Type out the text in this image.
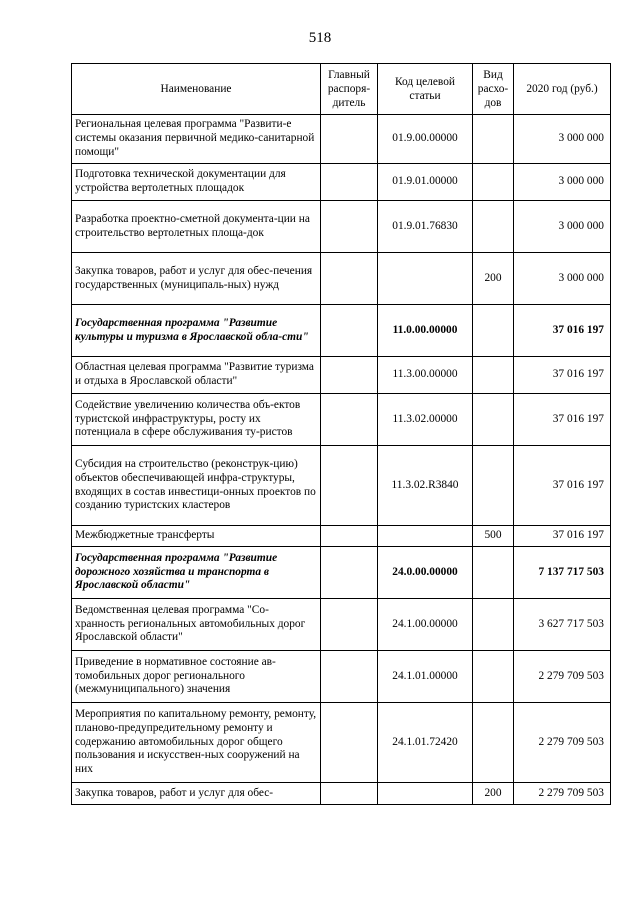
518
Наименование	Главный распоря-дитель	Код целевой статьи	Вид расхо-дов	2020 год (руб.)
Региональная целевая программа "Развити-е системы оказания первичной медико-санитарной помощи"		01.9.00.00000		3 000 000
Подготовка технической документации для устройства вертолетных площадок		01.9.01.00000		3 000 000
Разработка проектно-сметной документа-ции на строительство вертолетных площа-док		01.9.01.76830		3 000 000
Закупка товаров, работ и услуг для обес-печения государственных (муниципаль-ных) нужд			200	3 000 000
Государственная программа "Развитие культуры и туризма в Ярославской обла-сти"		11.0.00.00000		37 016 197
Областная целевая программа "Развитие туризма и отдыха в Ярославской области"		11.3.00.00000		37 016 197
Содействие увеличению количества объ-ектов туристской инфраструктуры, росту их потенциала в сфере обслуживания ту-ристов		11.3.02.00000		37 016 197
Субсидия на строительство (реконструк-цию) объектов обеспечивающей инфра-структуры, входящих в состав инвестици-онных проектов по созданию туристских кластеров		11.3.02.R3840		37 016 197
Межбюджетные трансферты			500	37 016 197
Государственная программа "Развитие дорожного хозяйства и транспорта в Ярославской области"		24.0.00.00000		7 137 717 503
Ведомственная целевая программа "Со-хранность региональных автомобильных дорог Ярославской области"		24.1.00.00000		3 627 717 503
Приведение в нормативное состояние ав-томобильных дорог регионального (межмуниципального) значения		24.1.01.00000		2 279 709 503
Мероприятия по капитальному ремонту, ремонту, планово-предупредительному ремонту и содержанию автомобильных дорог общего пользования и искусствен-ных сооружений на них		24.1.01.72420		2 279 709 503
Закупка товаров, работ и услуг для обес-			200	2 279 709 503
